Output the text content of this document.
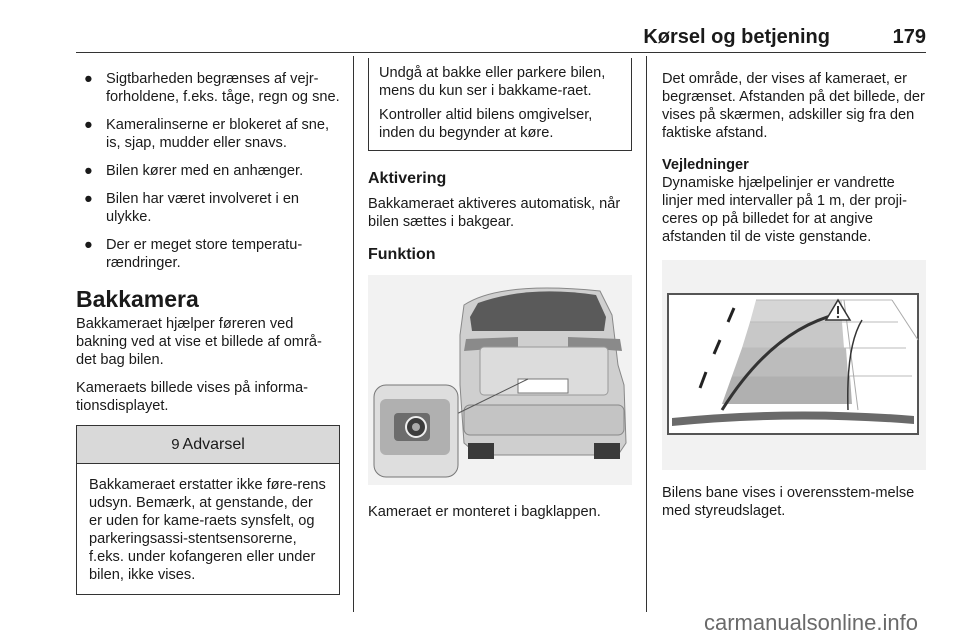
Kørsel og betjening	179
● Sigtbarheden begrænses af vejr-forholdene, f.eks. tåge, regn og sne.
● Kameralinserne er blokeret af sne, is, sjap, mudder eller snavs.
● Bilen kører med en anhænger.
● Bilen har været involveret i en ulykke.
● Der er meget store temperatu-rændringer.
Bakkamera

Bakkameraet hjælper føreren ved bakning ved at vise et billede af områ-det bag bilen.

Kameraets billede vises på informa-tionsdisplayet.

9 Advarsel
Bakkameraet erstatter ikke føre-rens udsyn. Bemærk, at genstande, der er uden for kame-raets synsfelt, og parkeringsassi-stentsensorerne, f.eks. under kofangeren eller under bilen, ikke vises.

Undgå at bakke eller parkere bilen, mens du kun ser i bakkame-raet.

Kontroller altid bilens omgivelser, inden du begynder at køre.

Aktivering

Bakkameraet aktiveres automatisk, når bilen sættes i bakgear.

Funktion

Kameraet er monteret i bagklappen.

Det område, der vises af kameraet, er begrænset. Afstanden på det billede, der vises på skærmen, adskiller sig fra den faktiske afstand.

Vejledninger

Dynamiske hjælpelinjer er vandrette linjer med intervaller på 1 m, der proji-ceres op på billedet for at angive afstanden til de viste genstande.

Bilens bane vises i overensstem-melse med styreudslaget.

carmanualsonline.info
